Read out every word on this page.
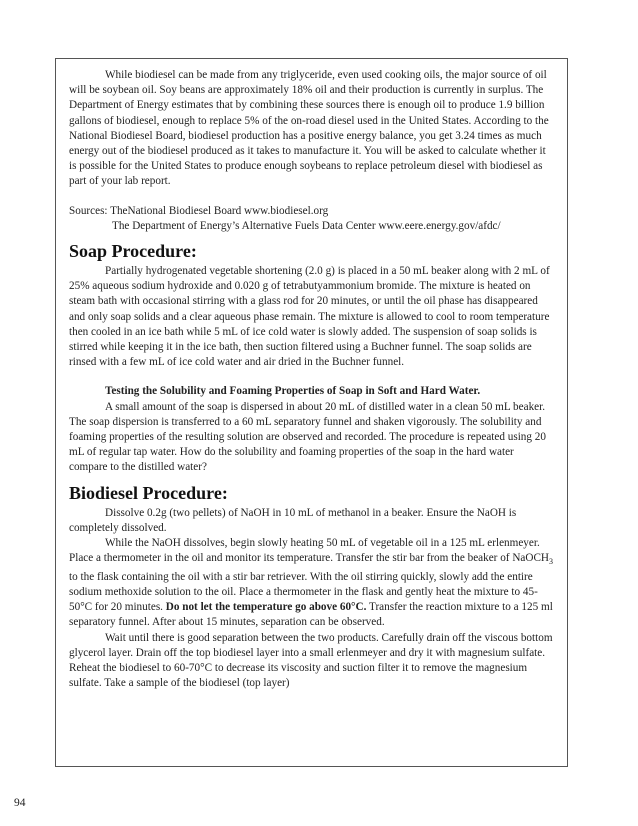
While biodiesel can be made from any triglyceride, even used cooking oils, the major source of oil will be soybean oil. Soy beans are approximately 18% oil and their production is currently in surplus. The Department of Energy estimates that by combining these sources there is enough oil to produce 1.9 billion gallons of biodiesel, enough to replace 5% of the on-road diesel used in the United States. According to the National Biodiesel Board, biodiesel production has a positive energy balance, you get 3.24 times as much energy out of the biodiesel produced as it takes to manufacture it. You will be asked to calculate whether it is possible for the United States to produce enough soybeans to replace petroleum diesel with biodiesel as part of your lab report.

Sources: TheNational Biodiesel Board www.biodiesel.org

The Department of Energy’s Alternative Fuels Data Center www.eere.energy.gov/afdc/

Soap Procedure:

Partially hydrogenated vegetable shortening (2.0 g) is placed in a 50 mL beaker along with 2 mL of 25% aqueous sodium hydroxide and 0.020 g of tetrabutyammonium bromide. The mixture is heated on steam bath with occasional stirring with a glass rod for 20 minutes, or until the oil phase has disappeared and only soap solids and a clear aqueous phase remain. The mixture is allowed to cool to room temperature then cooled in an ice bath while 5 mL of ice cold water is slowly added. The suspension of soap solids is stirred while keeping it in the ice bath, then suction filtered using a Buchner funnel. The soap solids are rinsed with a few mL of ice cold water and air dried in the Buchner funnel.

Testing the Solubility and Foaming Properties of Soap in Soft and Hard Water.

A small amount of the soap is dispersed in about 20 mL of distilled water in a clean 50 mL beaker. The soap dispersion is transferred to a 60 mL separatory funnel and shaken vigorously. The solubility and foaming properties of the resulting solution are observed and recorded. The procedure is repeated using 20 mL of regular tap water. How do the solubility and foaming properties of the soap in the hard water compare to the distilled water?

Biodiesel Procedure:

Dissolve 0.2g (two pellets) of NaOH in 10 mL of methanol in a beaker. Ensure the NaOH is completely dissolved.

While the NaOH dissolves, begin slowly heating 50 mL of vegetable oil in a 125 mL erlenmeyer. Place a thermometer in the oil and monitor its temperature. Transfer the stir bar from the beaker of NaOCH$_3$ to the flask containing the oil with a stir bar retriever. With the oil stirring quickly, slowly add the entire sodium methoxide solution to the oil. Place a thermometer in the flask and gently heat the mixture to 45-50°C for 20 minutes. Do not let the temperature go above 60°C. Transfer the reaction mixture to a 125 ml separatory funnel. After about 15 minutes, separation can be observed.

Wait until there is good separation between the two products. Carefully drain off the viscous bottom glycerol layer. Drain off the top biodiesel layer into a small erlenmeyer and dry it with magnesium sulfate. Reheat the biodiesel to 60-70°C to decrease its viscosity and suction filter it to remove the magnesium sulfate. Take a sample of the biodiesel (top layer)

94
